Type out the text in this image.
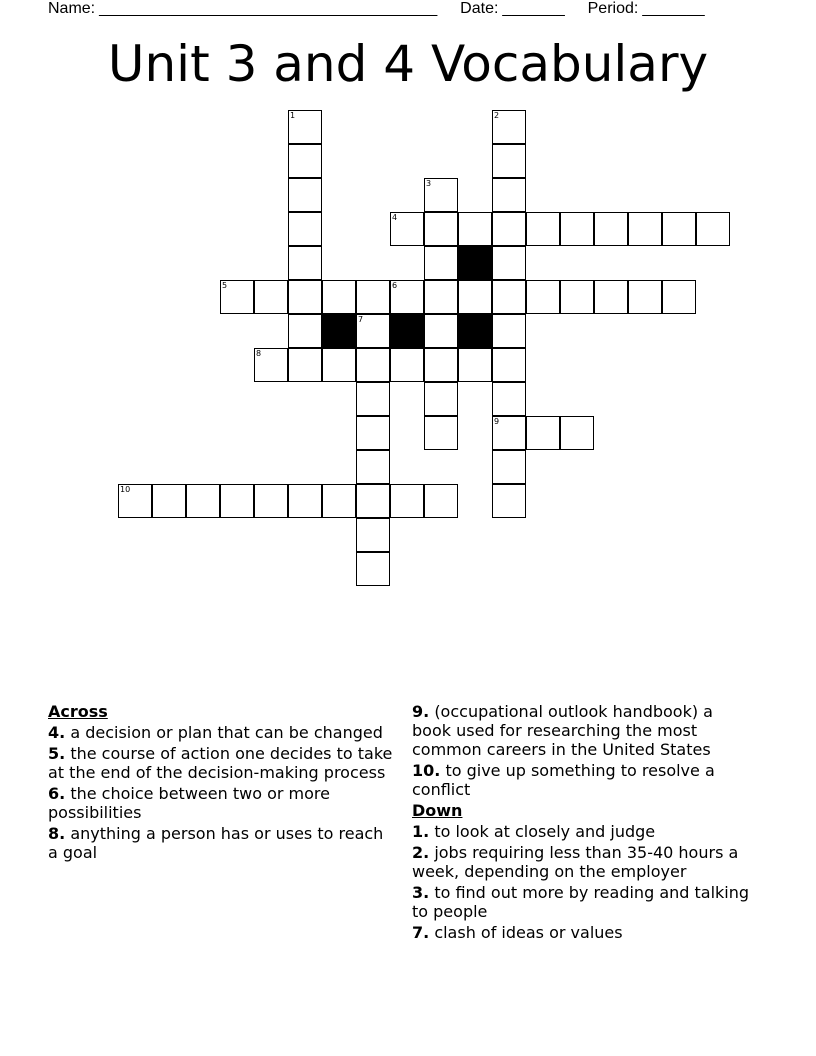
Name: ______________________________________ Date: _______ Period: _______
Unit 3 and 4 Vocabulary
4
5	6
8
9
10
1	2
3
7
Across
4. a decision or plan that can be changed
5. the course of action one decides to take at the end of the decision-making process
6. the choice between two or more possibilities
8. anything a person has or uses to reach a goal
9. (occupational outlook handbook) a book used for researching the most common careers in the United States
10. to give up something to resolve a conflict
Down
1. to look at closely and judge
2. jobs requiring less than 35-40 hours a week, depending on the employer
3. to find out more by reading and talking to people
7. clash of ideas or values
